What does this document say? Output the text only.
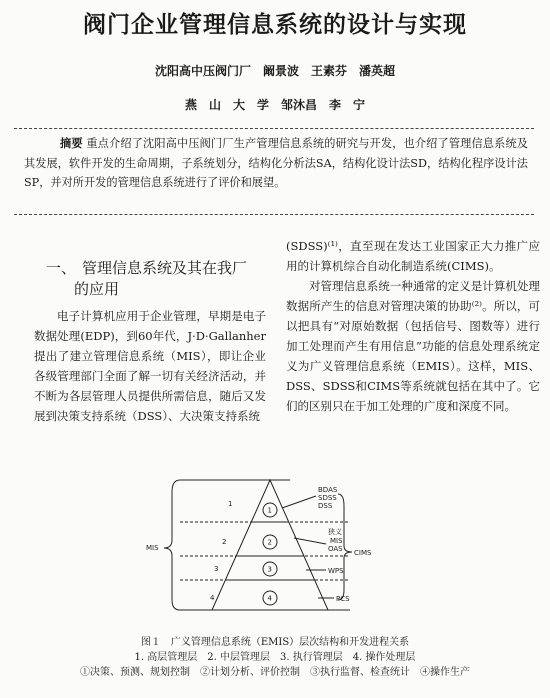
阀门企业管理信息系统的设计与实现
沈阳高中压阀门厂　阚景波　王素芬　潘英超
燕　山　大　学　邹沐昌　李　宁
摘要 重点介绍了沈阳高中压阀门厂生产管理信息系统的研究与开发，也介绍了管理信息系统及其发展，软件开发的生命周期，子系统划分，结构化分析法SA，结构化设计法SD，结构化程序设计法SP，并对所开发的管理信息系统进行了评价和展望。
一、 管理信息系统及其在我厂
的应用

电子计算机应用于企业管理，早期是电子数据处理(EDP)，到60年代，J·D·Gallanher提出了建立管理信息系统（MIS），即让企业各级管理部门全面了解一切有关经济活动，并不断为各层管理人员提供所需信息，随后又发展到决策支持系统（DSS）、大决策支持系统

(SDSS)⁽¹⁾，直至现在发达工业国家正大力推广应用的计算机综合自动化制造系统(CIMS)。

对管理信息系统一种通常的定义是计算机处理数据所产生的信息对管理决策的协助⁽²⁾。所以，可以把具有“对原始数据（包括信号、图数等）进行加工处理而产生有用信息”功能的信息处理系统定义为广义管理信息系统（EMIS）。这样，MIS、DSS、SDSS和CIMS等系统就包括在其中了。它们的区别只在于加工处理的广度和深度不同。

MIS
1
2
3
4
1
2
3
4
BDAS
SDSS
DSS
狭义
MIS
OAS
WPS
PCS
CIMS
图１　广义管理信息系统（EMIS）层次结构和开发进程关系
1. 高层管理层　2. 中层管理层　3. 执行管理层　4. 操作处理层
①决策、预测、规划控制　②计划分析、评价控制　③执行监督、检查统计　④操作生产
